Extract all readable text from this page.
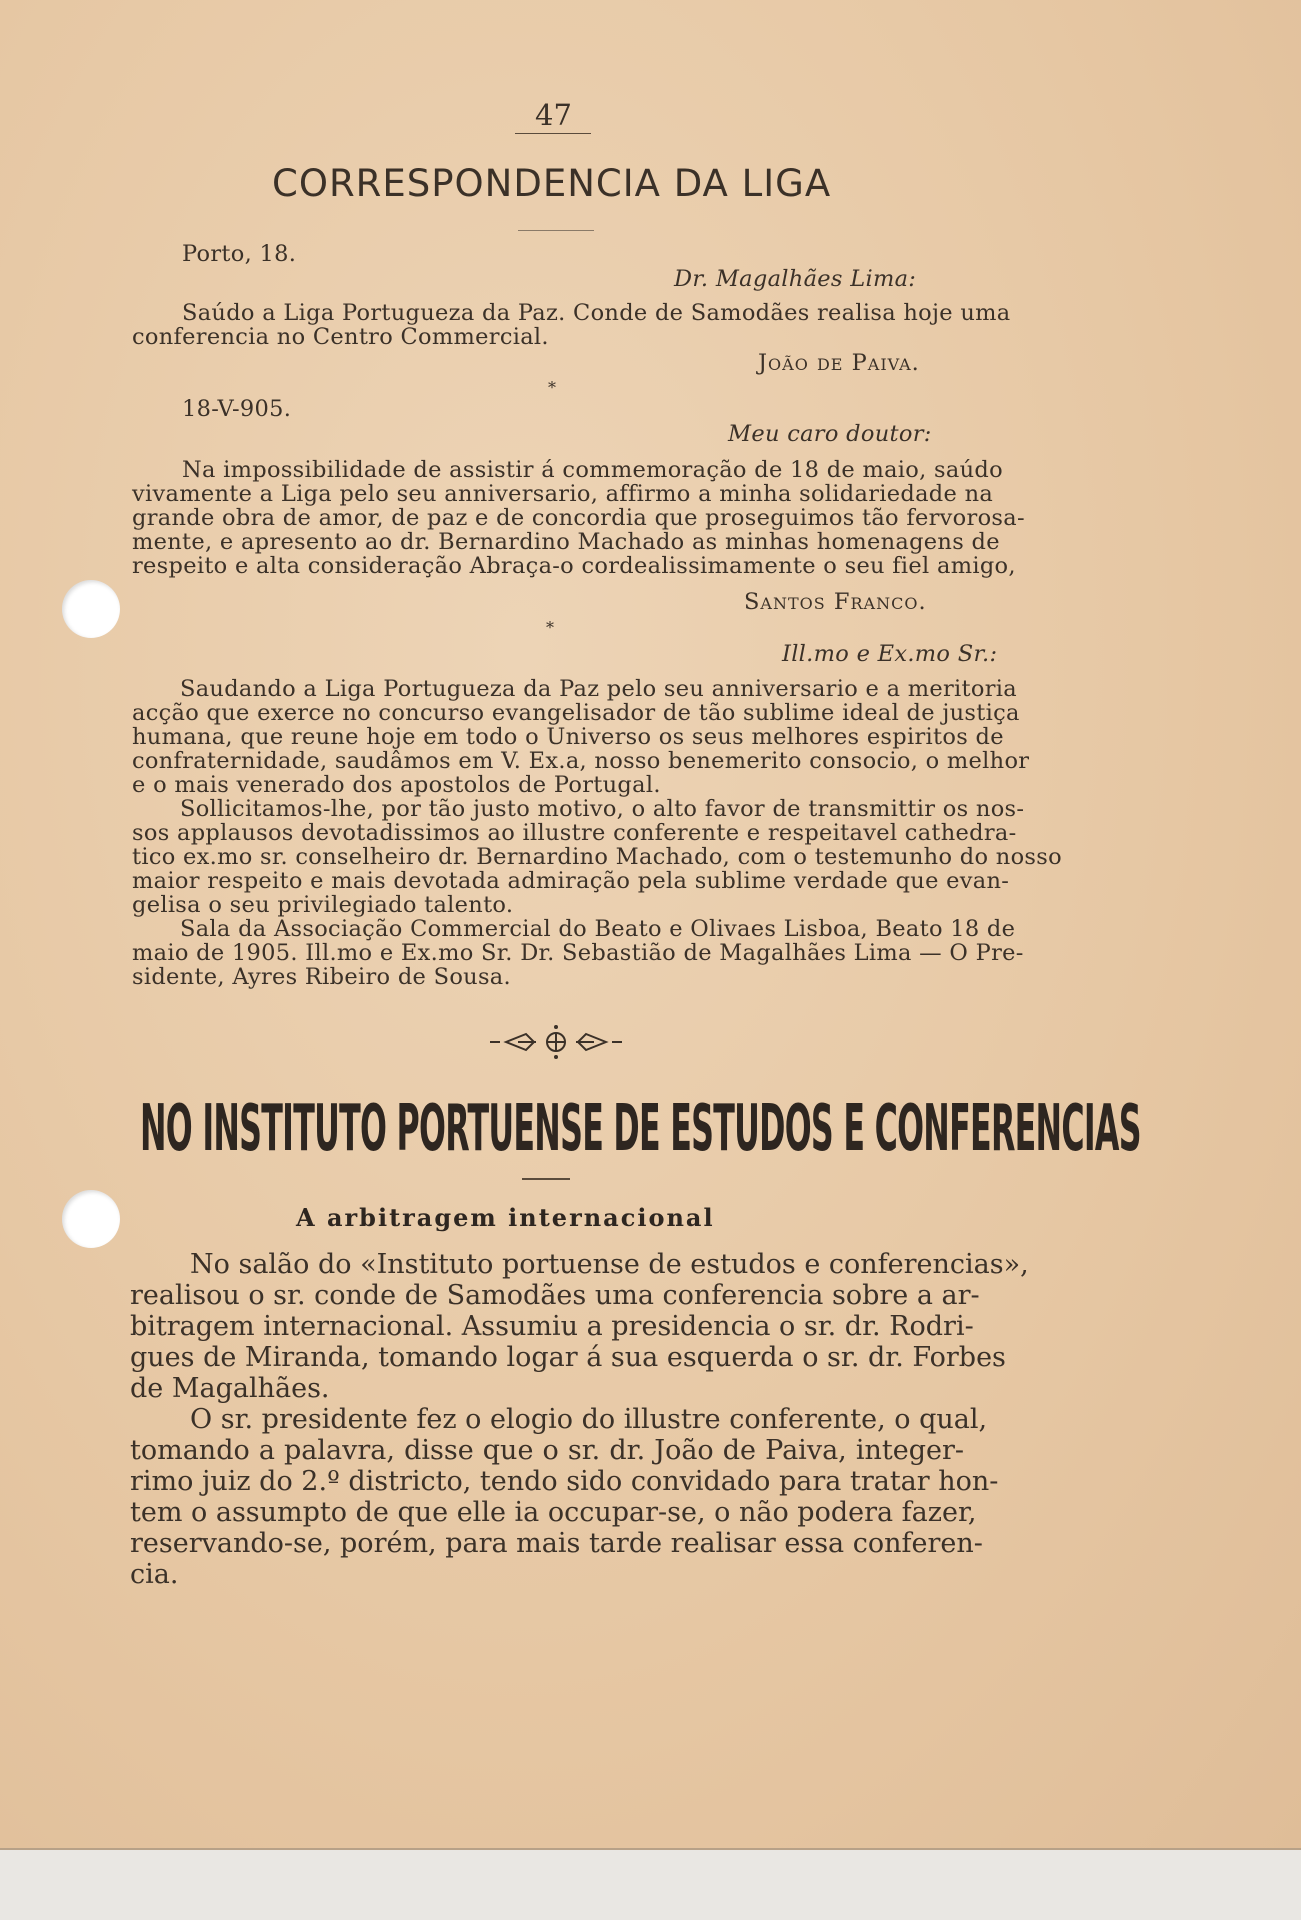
47
CORRESPONDENCIA DA LIGA
Porto, 18.
Dr. Magalhães Lima:
Saúdo a Liga Portugueza da Paz. Conde de Samodães realisa hoje uma
conferencia no Centro Commercial.
João de Paiva.
*
18-V-905.
Meu caro doutor:
Na impossibilidade de assistir á commemoração de 18 de maio, saúdo
vivamente a Liga pelo seu anniversario, affirmo a minha solidariedade na
grande obra de amor, de paz e de concordia que proseguimos tão fervorosa-
mente, e apresento ao dr. Bernardino Machado as minhas homenagens de
respeito e alta consideração Abraça-o cordealissimamente o seu fiel amigo,
Santos Franco.
*
Ill.mo e Ex.mo Sr.:
Saudando a Liga Portugueza da Paz pelo seu anniversario e a meritoria
acção que exerce no concurso evangelisador de tão sublime ideal de justiça
humana, que reune hoje em todo o Universo os seus melhores espiritos de
confraternidade, saudâmos em V. Ex.a, nosso benemerito consocio, o melhor
e o mais venerado dos apostolos de Portugal.
Sollicitamos-lhe, por tão justo motivo, o alto favor de transmittir os nos-
sos applausos devotadissimos ao illustre conferente e respeitavel cathedra-
tico ex.mo sr. conselheiro dr. Bernardino Machado, com o testemunho do nosso
maior respeito e mais devotada admiração pela sublime verdade que evan-
gelisa o seu privilegiado talento.
Sala da Associação Commercial do Beato e Olivaes Lisboa, Beato 18 de
maio de 1905. Ill.mo e Ex.mo Sr. Dr. Sebastião de Magalhães Lima — O Pre-
sidente, Ayres Ribeiro de Sousa.
NO INSTITUTO PORTUENSE DE ESTUDOS E CONFERENCIAS
A arbitragem internacional
No salão do «Instituto portuense de estudos e conferencias»,
realisou o sr. conde de Samodães uma conferencia sobre a ar-
bitragem internacional. Assumiu a presidencia o sr. dr. Rodri-
gues de Miranda, tomando logar á sua esquerda o sr. dr. Forbes
de Magalhães.
O sr. presidente fez o elogio do illustre conferente, o qual,
tomando a palavra, disse que o sr. dr. João de Paiva, integer-
rimo juiz do 2.º districto, tendo sido convidado para tratar hon-
tem o assumpto de que elle ia occupar-se, o não podera fazer,
reservando-se, porém, para mais tarde realisar essa conferen-
cia.
